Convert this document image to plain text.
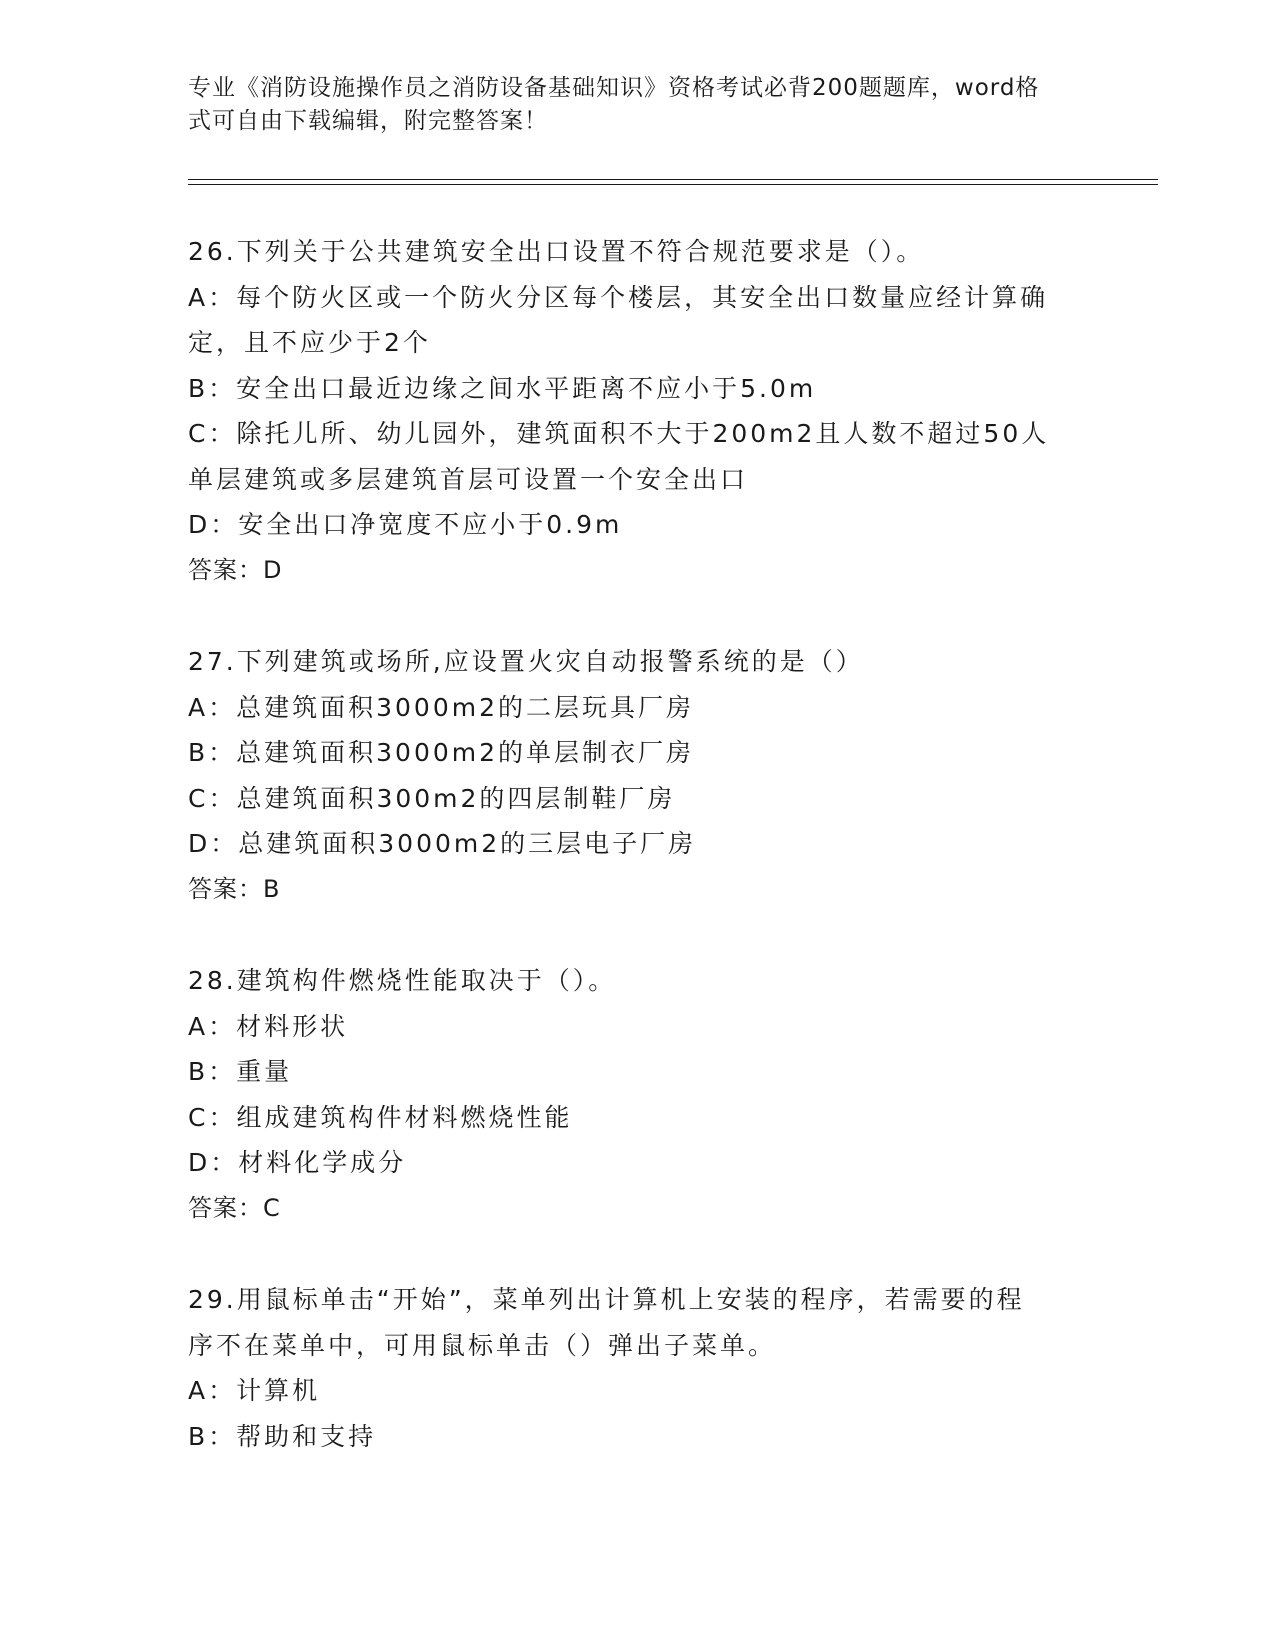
专业《消防设施操作员之消防设备基础知识》资格考试必背200题题库，word格
式可自由下载编辑，附完整答案！
26.下列关于公共建筑安全出口设置不符合规范要求是（）。
A：每个防火区或一个防火分区每个楼层，其安全出口数量应经计算确
定，且不应少于2个
B：安全出口最近边缘之间水平距离不应小于5.0m
C：除托儿所、幼儿园外，建筑面积不大于200m2且人数不超过50人
单层建筑或多层建筑首层可设置一个安全出口
D：安全出口净宽度不应小于0.9m
答案：D
27.下列建筑或场所,应设置火灾自动报警系统的是（）
A：总建筑面积3000m2的二层玩具厂房
B：总建筑面积3000m2的单层制衣厂房
C：总建筑面积300m2的四层制鞋厂房
D：总建筑面积3000m2的三层电子厂房
答案：B
28.建筑构件燃烧性能取决于（）。
A：材料形状
B：重量
C：组成建筑构件材料燃烧性能
D：材料化学成分
答案：C
29.用鼠标单击“开始”，菜单列出计算机上安装的程序，若需要的程
序不在菜单中，可用鼠标单击（）弹出子菜单。
A：计算机
B：帮助和支持
